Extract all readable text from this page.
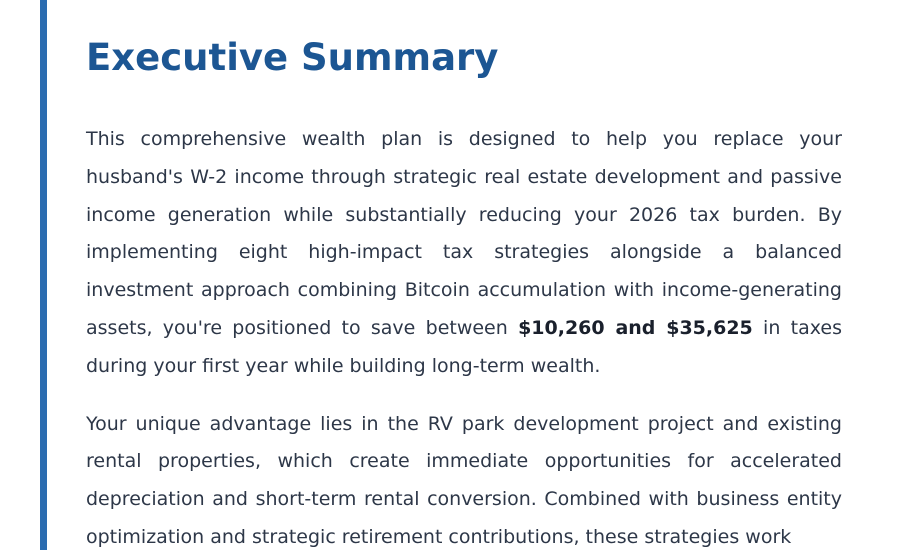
Executive Summary

This comprehensive wealth plan is designed to help you replace your husband's W-2 income through strategic real estate development and passive income generation while substantially reducing your 2026 tax burden. By implementing eight high-impact tax strategies alongside a balanced investment approach combining Bitcoin accumulation with income-generating assets, you're positioned to save between $10,260 and $35,625 in taxes during your first year while building long-term wealth.

Your unique advantage lies in the RV park development project and existing rental properties, which create immediate opportunities for accelerated depreciation and short-term rental conversion. Combined with business entity optimization and strategic retirement contributions, these strategies work
